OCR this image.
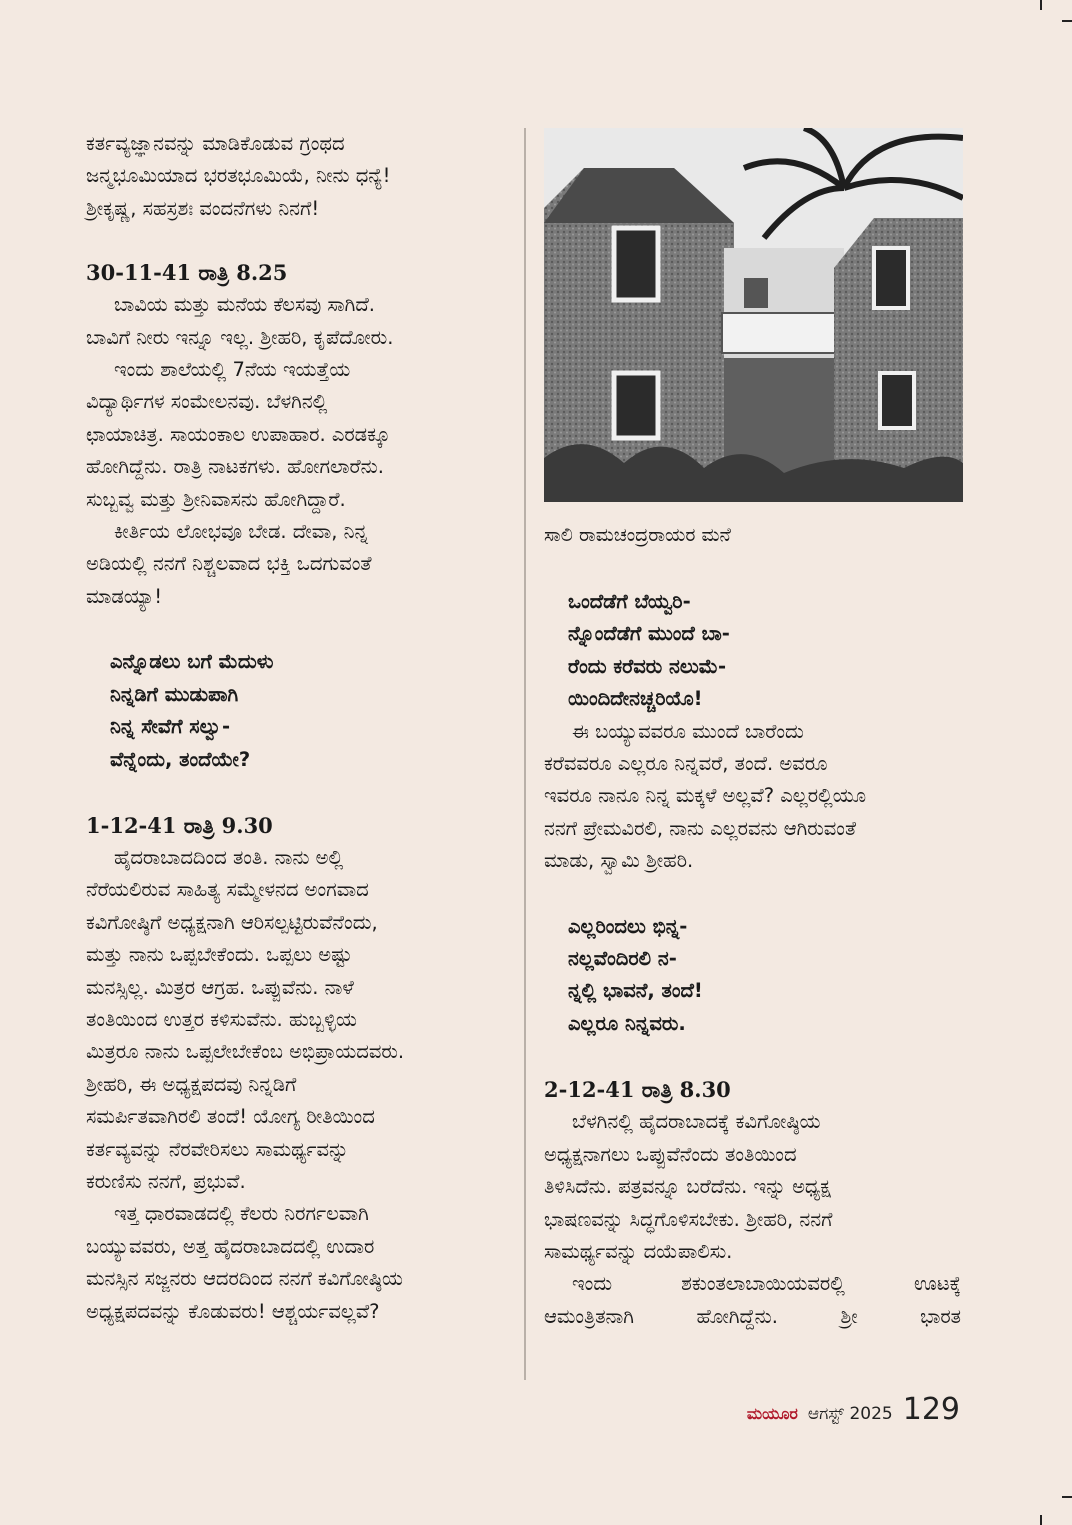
ಕರ್ತವ್ಯಜ್ಞಾನವನ್ನು ಮಾಡಿಕೊಡುವ ಗ್ರಂಥದ
ಜನ್ಮಭೂಮಿಯಾದ ಭರತಭೂಮಿಯೆ, ನೀನು ಧನ್ಯೆ!
ಶ್ರೀಕೃಷ್ಣ, ಸಹಸ್ರಶಃ ವಂದನೆಗಳು ನಿನಗೆ!

30-11-41 ರಾತ್ರಿ 8.25

ಬಾವಿಯ ಮತ್ತು ಮನೆಯ ಕೆಲಸವು ಸಾಗಿದೆ.
ಬಾವಿಗೆ ನೀರು ಇನ್ನೂ ಇಲ್ಲ. ಶ್ರೀಹರಿ, ಕೃಪೆದೋರು.

ಇಂದು ಶಾಲೆಯಲ್ಲಿ 7ನೆಯ ಇಯತ್ತೆಯ
ವಿದ್ಯಾರ್ಥಿಗಳ ಸಂಮೇಲನವು. ಬೆಳಗಿನಲ್ಲಿ
ಛಾಯಾಚಿತ್ರ. ಸಾಯಂಕಾಲ ಉಪಾಹಾರ. ಎರಡಕ್ಕೂ
ಹೋಗಿದ್ದೆನು. ರಾತ್ರಿ ನಾಟಕಗಳು. ಹೋಗಲಾರೆನು.
ಸುಬ್ಬವ್ವ ಮತ್ತು ಶ್ರೀನಿವಾಸನು ಹೋಗಿದ್ದಾರೆ.

ಕೀರ್ತಿಯ ಲೋಭವೂ ಬೇಡ. ದೇವಾ, ನಿನ್ನ
ಅಡಿಯಲ್ಲಿ ನನಗೆ ನಿಶ್ಚಲವಾದ ಭಕ್ತಿ ಒದಗುವಂತೆ
ಮಾಡಯ್ಯಾ!

ಎನ್ನೊಡಲು ಬಗೆ ಮೆದುಳು
ನಿನ್ನಡಿಗೆ ಮುಡುಪಾಗಿ
ನಿನ್ನ ಸೇವೆಗೆ ಸಲ್ವು-
ವೆನ್ನೆಂದು, ತಂದೆಯೇ?
1-12-41 ರಾತ್ರಿ 9.30

ಹೈದರಾಬಾದದಿಂದ ತಂತಿ. ನಾನು ಅಲ್ಲಿ
ನೆರೆಯಲಿರುವ ಸಾಹಿತ್ಯ ಸಮ್ಮೇಳನದ ಅಂಗವಾದ
ಕವಿಗೋಷ್ಠಿಗೆ ಅಧ್ಯಕ್ಷನಾಗಿ ಆರಿಸಲ್ಪಟ್ಟಿರುವೆನೆಂದು,
ಮತ್ತು ನಾನು ಒಪ್ಪಬೇಕೆಂದು. ಒಪ್ಪಲು ಅಷ್ಟು
ಮನಸ್ಸಿಲ್ಲ. ಮಿತ್ರರ ಆಗ್ರಹ. ಒಪ್ಪುವೆನು. ನಾಳೆ
ತಂತಿಯಿಂದ ಉತ್ತರ ಕಳಿಸುವೆನು. ಹುಬ್ಬಳ್ಳಿಯ
ಮಿತ್ರರೂ ನಾನು ಒಪ್ಪಲೇಬೇಕೆಂಬ ಅಭಿಪ್ರಾಯದವರು.
ಶ್ರೀಹರಿ, ಈ ಅಧ್ಯಕ್ಷಪದವು ನಿನ್ನಡಿಗೆ
ಸಮರ್ಪಿತವಾಗಿರಲಿ ತಂದೆ! ಯೋಗ್ಯ ರೀತಿಯಿಂದ
ಕರ್ತವ್ಯವನ್ನು ನೆರವೇರಿಸಲು ಸಾಮರ್ಥ್ಯವನ್ನು
ಕರುಣಿಸು ನನಗೆ, ಪ್ರಭುವೆ.

ಇತ್ತ ಧಾರವಾಡದಲ್ಲಿ ಕೆಲರು ನಿರರ್ಗಲವಾಗಿ
ಬಯ್ಯುವವರು, ಅತ್ತ ಹೈದರಾಬಾದದಲ್ಲಿ ಉದಾರ
ಮನಸ್ಸಿನ ಸಜ್ಜನರು ಆದರದಿಂದ ನನಗೆ ಕವಿಗೋಷ್ಠಿಯ
ಅಧ್ಯಕ್ಷಪದವನ್ನು ಕೊಡುವರು! ಆಶ್ಚರ್ಯವಲ್ಲವೆ?

ಸಾಲಿ ರಾಮಚಂದ್ರರಾಯರ ಮನೆ
ಒಂದೆಡೆಗೆ ಬೆಯ್ವರಿ-
ನ್ನೊಂದೆಡೆಗೆ ಮುಂದೆ ಬಾ-
ರೆಂದು ಕರೆವರು ನಲುಮೆ-
ಯಿಂದಿದೇನಚ್ಚರಿಯೊ!

ಈ ಬಯ್ಯುವವರೂ ಮುಂದೆ ಬಾರೆಂದು
ಕರೆವವರೂ ಎಲ್ಲರೂ ನಿನ್ನವರೆ, ತಂದೆ. ಅವರೂ
ಇವರೂ ನಾನೂ ನಿನ್ನ ಮಕ್ಕಳೆ ಅಲ್ಲವೆ? ಎಲ್ಲರಲ್ಲಿಯೂ
ನನಗೆ ಪ್ರೇಮವಿರಲಿ, ನಾನು ಎಲ್ಲರವನು ಆಗಿರುವಂತೆ
ಮಾಡು, ಸ್ವಾಮಿ ಶ್ರೀಹರಿ.

ಎಲ್ಲರಿಂದಲು ಭಿನ್ನ-
ನಲ್ಲವೆಂದಿರಲಿ ನ-
ನ್ನಲ್ಲಿ ಭಾವನೆ, ತಂದೆ!
ಎಲ್ಲರೂ ನಿನ್ನವರು.
2-12-41 ರಾತ್ರಿ 8.30

ಬೆಳಗಿನಲ್ಲಿ ಹೈದರಾಬಾದಕ್ಕೆ ಕವಿಗೋಷ್ಠಿಯ
ಅಧ್ಯಕ್ಷನಾಗಲು ಒಪ್ಪುವೆನೆಂದು ತಂತಿಯಿಂದ
ತಿಳಿಸಿದೆನು. ಪತ್ರವನ್ನೂ ಬರೆದೆನು. ಇನ್ನು ಅಧ್ಯಕ್ಷ
ಭಾಷಣವನ್ನು ಸಿದ್ಧಗೊಳಿಸಬೇಕು. ಶ್ರೀಹರಿ, ನನಗೆ
ಸಾಮರ್ಥ್ಯವನ್ನು ದಯೆಪಾಲಿಸು.

ಇಂದು ಶಕುಂತಲಾಬಾಯಿಯವರಲ್ಲಿ ಊಟಕ್ಕೆ
ಆಮಂತ್ರಿತನಾಗಿ ಹೋಗಿದ್ದೆನು. ಶ್ರೀ ಭಾರತ

ಮಯೂರ ಆಗಸ್ಟ್ 2025 129
